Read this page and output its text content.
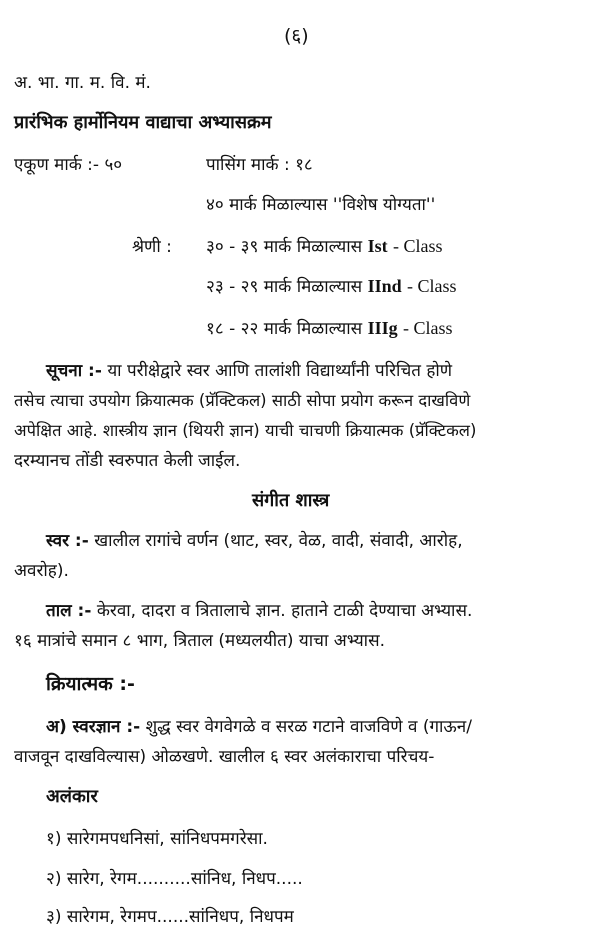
(६)
अ. भा. गा. म. वि. मं.
प्रारंभिक हार्मोनियम वाद्याचा अभ्यासक्रम
एकूण मार्क :- ५०	पासिंग मार्क : १८
४० मार्क मिळाल्यास ''विशेष योग्यता''
श्रेणी : ३० - ३९ मार्क मिळाल्यास Ist - Class
२३ - २९ मार्क मिळाल्यास IInd - Class
१८ - २२ मार्क मिळाल्यास IIIg - Class
सूचना :- या परीक्षेद्वारे स्वर आणि तालांशी विद्यार्थ्यांनी परिचित होणे
तसेच त्याचा उपयोग क्रियात्मक (प्रॅक्टिकल) साठी सोपा प्रयोग करून दाखविणे
अपेक्षित आहे. शास्त्रीय ज्ञान (थियरी ज्ञान) याची चाचणी क्रियात्मक (प्रॅक्टिकल)
दरम्यानच तोंडी स्वरुपात केली जाईल.
संगीत शास्त्र
स्वर :- खालील रागांचे वर्णन (थाट, स्वर, वेळ, वादी, संवादी, आरोह,
अवरोह).
ताल :- केरवा, दादरा व त्रितालाचे ज्ञान. हाताने टाळी देण्याचा अभ्यास.
१६ मात्रांचे समान ८ भाग, त्रिताल (मध्यलयीत) याचा अभ्यास.
क्रियात्मक :-
अ) स्वरज्ञान :- शुद्ध स्वर वेगवेगळे व सरळ गटाने वाजविणे व (गाऊन/
वाजवून दाखविल्यास) ओळखणे. खालील ६ स्वर अलंकाराचा परिचय-
अलंकार
१) सारेगमपधनिसां, सांनिधपमगरेसा.
२) सारेग, रेगम..........सांनिध, निधप.....
३) सारेगम, रेगमप......सांनिधप, निधपम
